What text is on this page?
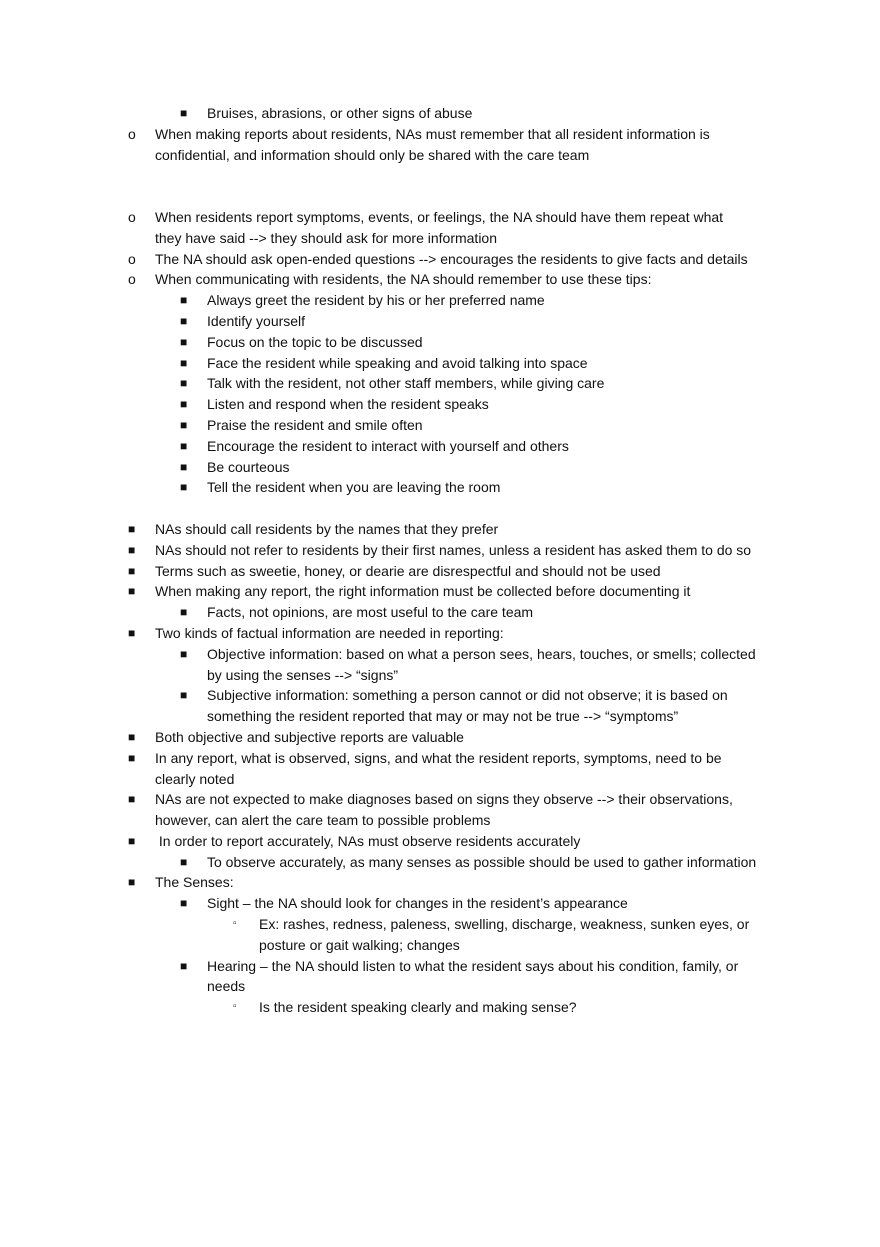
■ Bruises, abrasions, or other signs of abuse
o When making reports about residents, NAs must remember that all resident information is
confidential, and information should only be shared with the care team
o When residents report symptoms, events, or feelings, the NA should have them repeat what
they have said --> they should ask for more information
o The NA should ask open-ended questions --> encourages the residents to give facts and details
o When communicating with residents, the NA should remember to use these tips:
■ Always greet the resident by his or her preferred name
■ Identify yourself
■ Focus on the topic to be discussed
■ Face the resident while speaking and avoid talking into space
■ Talk with the resident, not other staff members, while giving care
■ Listen and respond when the resident speaks
■ Praise the resident and smile often
■ Encourage the resident to interact with yourself and others
■ Be courteous
■ Tell the resident when you are leaving the room
■ NAs should call residents by the names that they prefer
■ NAs should not refer to residents by their first names, unless a resident has asked them to do so
■ Terms such as sweetie, honey, or dearie are disrespectful and should not be used
■ When making any report, the right information must be collected before documenting it
■ Facts, not opinions, are most useful to the care team
■ Two kinds of factual information are needed in reporting:
■ Objective information: based on what a person sees, hears, touches, or smells; collected
by using the senses --> “signs”
■ Subjective information: something a person cannot or did not observe; it is based on
something the resident reported that may or may not be true --> “symptoms”
■ Both objective and subjective reports are valuable
■ In any report, what is observed, signs, and what the resident reports, symptoms, need to be
clearly noted
■ NAs are not expected to make diagnoses based on signs they observe --> their observations,
however, can alert the care team to possible problems
■ In order to report accurately, NAs must observe residents accurately
■ To observe accurately, as many senses as possible should be used to gather information
■ The Senses:
■ Sight – the NA should look for changes in the resident’s appearance
▫ Ex: rashes, redness, paleness, swelling, discharge, weakness, sunken eyes, or
posture or gait walking; changes
■ Hearing – the NA should listen to what the resident says about his condition, family, or
needs
▫ Is the resident speaking clearly and making sense?
